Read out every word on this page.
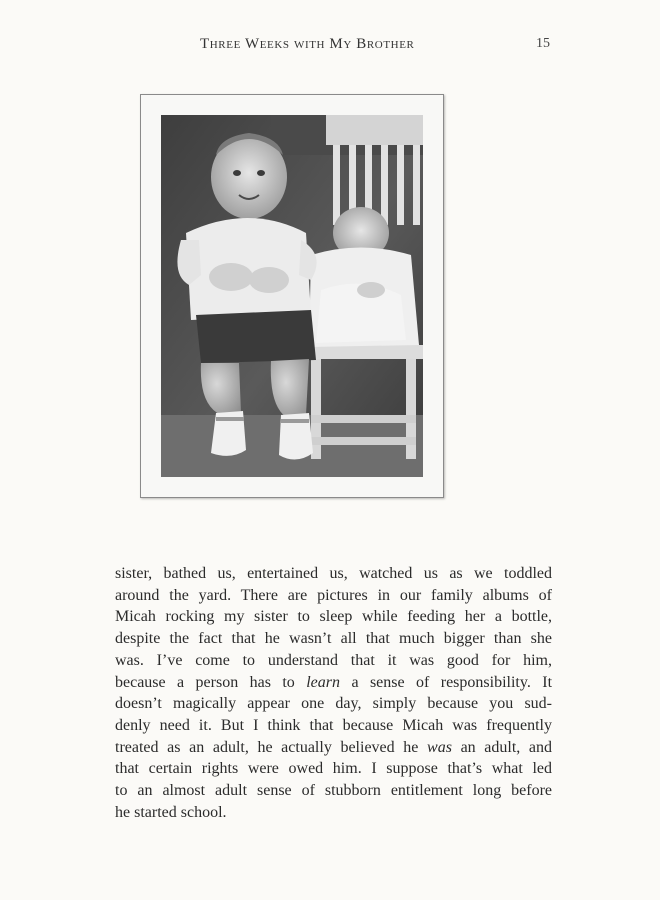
Three Weeks with My Brother	15
sister, bathed us, entertained us, watched us as we toddled
around the yard. There are pictures in our family albums of
Micah rocking my sister to sleep while feeding her a bottle,
despite the fact that he wasn’t all that much bigger than she
was. I’ve come to understand that it was good for him,
because a person has to learn a sense of responsibility. It
doesn’t magically appear one day, simply because you sud-
denly need it. But I think that because Micah was frequently
treated as an adult, he actually believed he was an adult, and
that certain rights were owed him. I suppose that’s what led
to an almost adult sense of stubborn entitlement long before
he started school.
